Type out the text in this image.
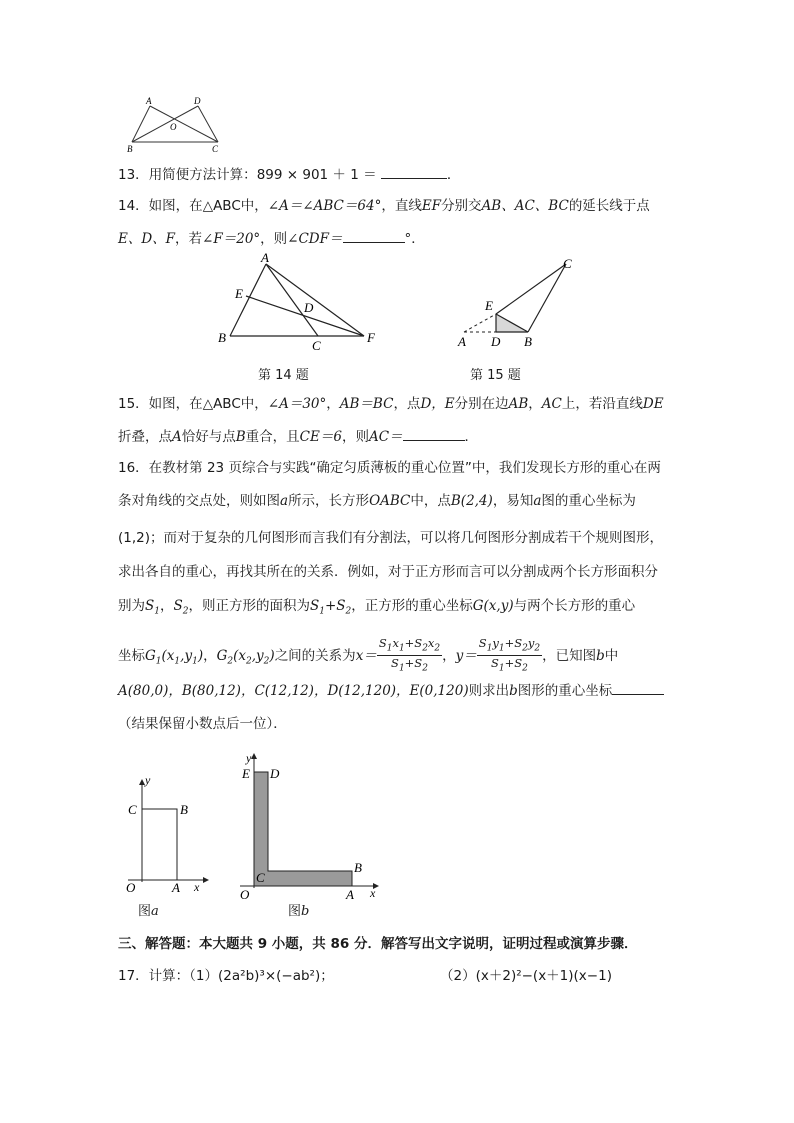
A	D
O
B	C
13．用简便方法计算：899 × 901 ＋ 1 ＝	．
14．如图，在△ABC中，∠A＝∠ABC＝64°，直线EF分别交AB、AC、BC的延长线于点
E、D、F，若∠F＝20°，则∠CDF＝	°．
A
E
D
B
C
F
第 14 题
C
E
A D B
第 15 题
15．如图，在△ABC中，∠A＝30°，AB＝BC，点D，E分别在边AB，AC上，若沿直线DE
折叠，点A恰好与点B重合，且CE＝6，则AC＝	．
16．在教材第 23 页综合与实践“确定匀质薄板的重心位置”中，我们发现长方形的重心在两
条对角线的交点处，则如图a所示，长方形OABC中，点B(2,4)，易知a图的重心坐标为
(1,2)；而对于复杂的几何图形而言我们有分割法，可以将几何图形分割成若干个规则图形，
求出各自的重心，再找其所在的关系．例如，对于正方形而言可以分割成两个长方形面积分
别为$S_1$，$S_2$，则正方形的面积为$S_1+S_2$，正方形的重心坐标G(x,y)与两个长方形的重心
坐标$G_1(x_1,y_1)$，$G_2(x_2,y_2)$之间的关系为$x= \frac{S_1x_1+S_2x_2}{S_1+S_2}$ ，$y= \frac{S_1y_1+S_2y_2}{S_1+S_2}$ ，已知图b中
A(80,0)，B(80,12)，C(12,12)，D(12,120)，E(0,120)则求出b图形的重心坐标
（结果保留小数点后一位）．
y
C	B
O	A x
图a
y
E D
B
C
O	A x
图b
三、解答题：本大题共 9 小题，共 86 分．解答写出文字说明，证明过程或演算步骤．
17．计算：（1）(2a²b)³×(−ab²)；	（2）(x＋2)²−(x＋1)(x−1)
